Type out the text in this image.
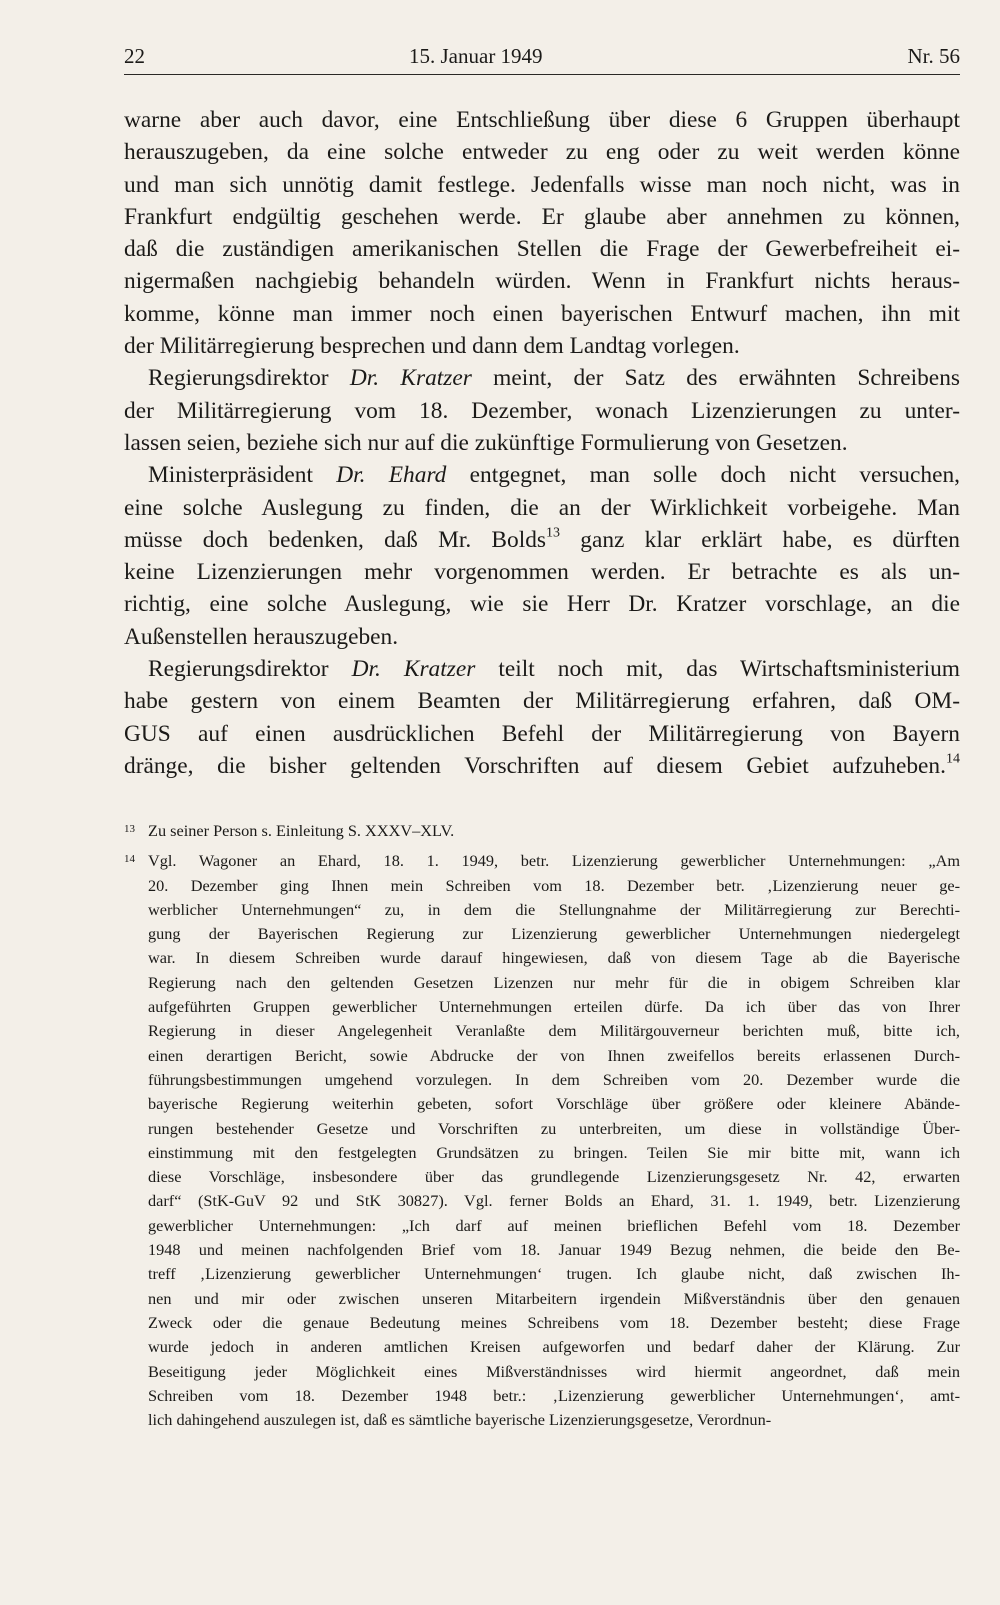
22	15. Januar 1949	Nr. 56
warne aber auch davor, eine Entschließung über diese 6 Gruppen überhaupt
herauszugeben, da eine solche entweder zu eng oder zu weit werden könne
und man sich unnötig damit festlege. Jedenfalls wisse man noch nicht, was in
Frankfurt endgültig geschehen werde. Er glaube aber annehmen zu können,
daß die zuständigen amerikanischen Stellen die Frage der Gewerbefreiheit ei-
nigermaßen nachgiebig behandeln würden. Wenn in Frankfurt nichts heraus-
komme, könne man immer noch einen bayerischen Entwurf machen, ihn mit
der Militärregierung besprechen und dann dem Landtag vorlegen.
Regierungsdirektor Dr. Kratzer meint, der Satz des erwähnten Schreibens
der Militärregierung vom 18. Dezember, wonach Lizenzierungen zu unter-
lassen seien, beziehe sich nur auf die zukünftige Formulierung von Gesetzen.
Ministerpräsident Dr. Ehard entgegnet, man solle doch nicht versuchen,
eine solche Auslegung zu finden, die an der Wirklichkeit vorbeigehe. Man
müsse doch bedenken, daß Mr. Bolds$^{13}$ ganz klar erklärt habe, es dürften
keine Lizenzierungen mehr vorgenommen werden. Er betrachte es als un-
richtig, eine solche Auslegung, wie sie Herr Dr. Kratzer vorschlage, an die
Außenstellen herauszugeben.
Regierungsdirektor Dr. Kratzer teilt noch mit, das Wirtschaftsministerium
habe gestern von einem Beamten der Militärregierung erfahren, daß OM-
GUS auf einen ausdrücklichen Befehl der Militärregierung von Bayern
dränge, die bisher geltenden Vorschriften auf diesem Gebiet aufzuheben.$^{14}$
13 Zu seiner Person s. Einleitung S. XXXV–XLV.
14 Vgl. Wagoner an Ehard, 18. 1. 1949, betr. Lizenzierung gewerblicher Unternehmungen: „Am
20. Dezember ging Ihnen mein Schreiben vom 18. Dezember betr. ‚Lizenzierung neuer ge-
werblicher Unternehmungen“ zu, in dem die Stellungnahme der Militärregierung zur Berechti-
gung der Bayerischen Regierung zur Lizenzierung gewerblicher Unternehmungen niedergelegt
war. In diesem Schreiben wurde darauf hingewiesen, daß von diesem Tage ab die Bayerische
Regierung nach den geltenden Gesetzen Lizenzen nur mehr für die in obigem Schreiben klar
aufgeführten Gruppen gewerblicher Unternehmungen erteilen dürfe. Da ich über das von Ihrer
Regierung in dieser Angelegenheit Veranlaßte dem Militärgouverneur berichten muß, bitte ich,
einen derartigen Bericht, sowie Abdrucke der von Ihnen zweifellos bereits erlassenen Durch-
führungsbestimmungen umgehend vorzulegen. In dem Schreiben vom 20. Dezember wurde die
bayerische Regierung weiterhin gebeten, sofort Vorschläge über größere oder kleinere Abände-
rungen bestehender Gesetze und Vorschriften zu unterbreiten, um diese in vollständige Über-
einstimmung mit den festgelegten Grundsätzen zu bringen. Teilen Sie mir bitte mit, wann ich
diese Vorschläge, insbesondere über das grundlegende Lizenzierungsgesetz Nr. 42, erwarten
darf“ (StK-GuV 92 und StK 30827). Vgl. ferner Bolds an Ehard, 31. 1. 1949, betr. Lizenzierung
gewerblicher Unternehmungen: „Ich darf auf meinen brieflichen Befehl vom 18. Dezember
1948 und meinen nachfolgenden Brief vom 18. Januar 1949 Bezug nehmen, die beide den Be-
treff ‚Lizenzierung gewerblicher Unternehmungen‘ trugen. Ich glaube nicht, daß zwischen Ih-
nen und mir oder zwischen unseren Mitarbeitern irgendein Mißverständnis über den genauen
Zweck oder die genaue Bedeutung meines Schreibens vom 18. Dezember besteht; diese Frage
wurde jedoch in anderen amtlichen Kreisen aufgeworfen und bedarf daher der Klärung. Zur
Beseitigung jeder Möglichkeit eines Mißverständnisses wird hiermit angeordnet, daß mein
Schreiben vom 18. Dezember 1948 betr.: ‚Lizenzierung gewerblicher Unternehmungen‘, amt-
lich dahingehend auszulegen ist, daß es sämtliche bayerische Lizenzierungsgesetze, Verordnun-
